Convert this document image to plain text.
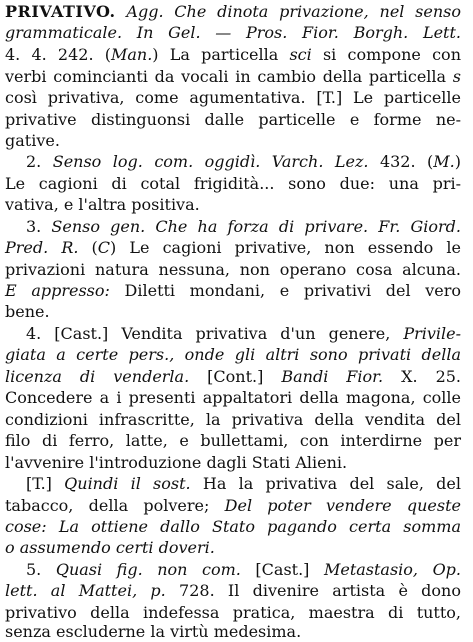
PRIVATIVO. Agg. Che dinota privazione, nel senso
grammaticale. In Gel. — Pros. Fior. Borgh. Lett.
4. 4. 242. (Man.) La particella sci si compone con
verbi comincianti da vocali in cambio della particella s
così privativa, come agumentativa. [T.] Le particelle
privative distinguonsi dalle particelle e forme ne-
gative.
2. Senso log. com. oggidì. Varch. Lez. 432. (M.)
Le cagioni di cotal frigidità... sono due: una pri-
vativa, e l'altra positiva.
3. Senso gen. Che ha forza di privare. Fr. Giord.
Pred. R. (C) Le cagioni privative, non essendo le
privazioni natura nessuna, non operano cosa alcuna.
E appresso: Diletti mondani, e privativi del vero
bene.
4. [Cast.] Vendita privativa d'un genere, Privile-
giata a certe pers., onde gli altri sono privati della
licenza di venderla. [Cont.] Bandi Fior. X. 25.
Concedere a i presenti appaltatori della magona, colle
condizioni infrascritte, la privativa della vendita del
filo di ferro, latte, e bullettami, con interdirne per
l'avvenire l'introduzione dagli Stati Alieni.
[T.] Quindi il sost. Ha la privativa del sale, del
tabacco, della polvere; Del poter vendere queste
cose: La ottiene dallo Stato pagando certa somma
o assumendo certi doveri.
5. Quasi fig. non com. [Cast.] Metastasio, Op.
lett. al Mattei, p. 728. Il divenire artista è dono
privativo della indefessa pratica, maestra di tutto,
senza escluderne la virtù medesima.
